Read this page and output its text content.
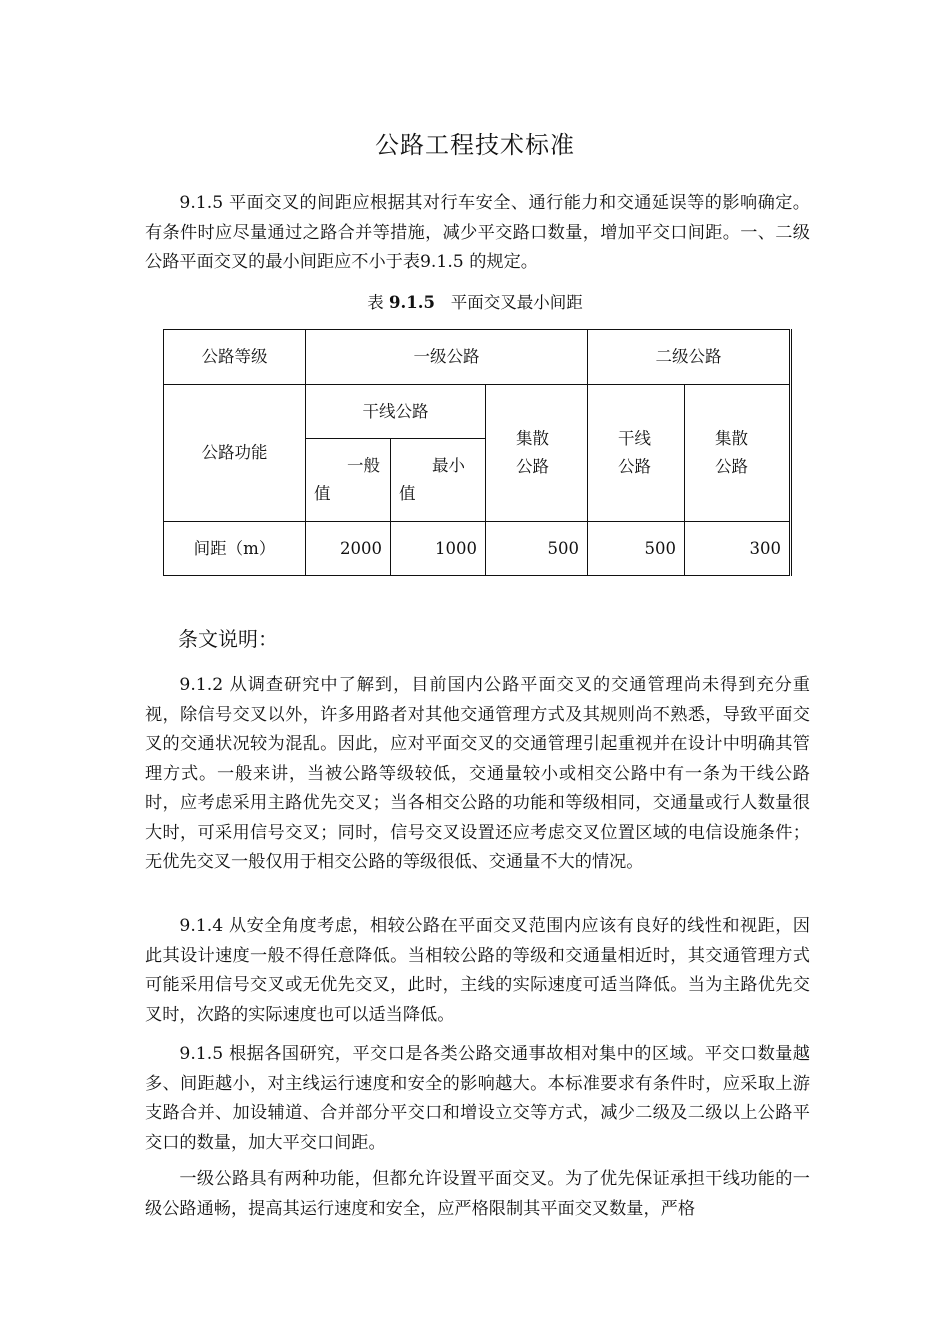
公路工程技术标准

9.1.5 平面交叉的间距应根据其对行车安全、通行能力和交通延误等的影响确定。有条件时应尽量通过之路合并等措施，减少平交路口数量，增加平交口间距。一、二级公路平面交叉的最小间距应不小于表9.1.5 的规定。

表 9.1.5 平面交叉最小间距
公路等级	一级公路			二级公路	
公路功能	干线公路		集散公路	干线公路	集散公路
	一般值	最小值			
间距（m）	2000	1000	500	500	300
条文说明：

9.1.2 从调查研究中了解到，目前国内公路平面交叉的交通管理尚未得到充分重视，除信号交叉以外，许多用路者对其他交通管理方式及其规则尚不熟悉，导致平面交叉的交通状况较为混乱。因此，应对平面交叉的交通管理引起重视并在设计中明确其管理方式。一般来讲，当被公路等级较低，交通量较小或相交公路中有一条为干线公路时，应考虑采用主路优先交叉；当各相交公路的功能和等级相同，交通量或行人数量很大时，可采用信号交叉；同时，信号交叉设置还应考虑交叉位置区域的电信设施条件；无优先交叉一般仅用于相交公路的等级很低、交通量不大的情况。

9.1.4 从安全角度考虑，相较公路在平面交叉范围内应该有良好的线性和视距，因此其设计速度一般不得任意降低。当相较公路的等级和交通量相近时，其交通管理方式可能采用信号交叉或无优先交叉，此时，主线的实际速度可适当降低。当为主路优先交叉时，次路的实际速度也可以适当降低。

9.1.5 根据各国研究，平交口是各类公路交通事故相对集中的区域。平交口数量越多、间距越小，对主线运行速度和安全的影响越大。本标准要求有条件时，应采取上游支路合并、加设辅道、合并部分平交口和增设立交等方式，减少二级及二级以上公路平交口的数量，加大平交口间距。

一级公路具有两种功能，但都允许设置平面交叉。为了优先保证承担干线功能的一级公路通畅，提高其运行速度和安全，应严格限制其平面交叉数量，严格
